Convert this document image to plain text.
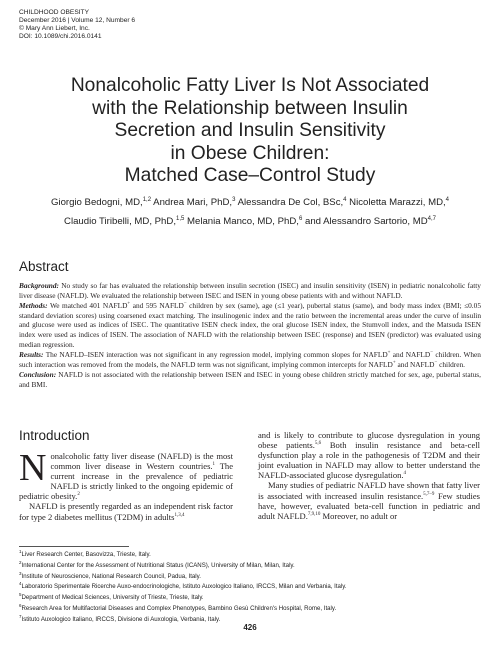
CHILDHOOD OBESITY
December 2016 | Volume 12, Number 6
© Mary Ann Liebert, Inc.
DOI: 10.1089/chi.2016.0141
Nonalcoholic Fatty Liver Is Not Associated
with the Relationship between Insulin
Secretion and Insulin Sensitivity
in Obese Children:
Matched Case–Control Study
Giorgio Bedogni, MD,$^{1,2}$ Andrea Mari, PhD,$^3$ Alessandra De Col, BSc,$^4$ Nicoletta Marazzi, MD,$^4$
Claudio Tiribelli, MD, PhD,$^{1,5}$ Melania Manco, MD, PhD,$^6$ and Alessandro Sartorio, MD$^{4,7}$
Abstract

Background: No study so far has evaluated the relationship between insulin secretion (ISEC) and insulin sensitivity (ISEN) in pediatric nonalcoholic fatty liver disease (NAFLD). We evaluated the relationship between ISEC and ISEN in young obese patients with and without NAFLD.

Methods: We matched 401 NAFLD+ and 595 NAFLD− children by sex (same), age (≤1 year), pubertal status (same), and body mass index (BMI; ≤0.05 standard deviation scores) using coarsened exact matching. The insulinogenic index and the ratio between the incremental areas under the curve of insulin and glucose were used as indices of ISEC. The quantitative ISEN check index, the oral glucose ISEN index, the Stumvoll index, and the Matsuda ISEN index were used as indices of ISEN. The association of NAFLD with the relationship between ISEC (response) and ISEN (predictor) was evaluated using median regression.

Results: The NAFLD–ISEN interaction was not significant in any regression model, implying common slopes for NAFLD+ and NAFLD− children. When such interaction was removed from the models, the NAFLD term was not significant, implying common intercepts for NAFLD+ and NAFLD− children.

Conclusion: NAFLD is not associated with the relationship between ISEN and ISEC in young obese children strictly matched for sex, age, pubertal status, and BMI.

Introduction

Nonalcoholic fatty liver disease (NAFLD) is the most common liver disease in Western countries.$^1$ The current increase in the prevalence of pediatric NAFLD is strictly linked to the ongoing epidemic of pediatric obesity.$^2$

NAFLD is presently regarded as an independent risk factor for type 2 diabetes mellitus (T2DM) in adults$^{1,3,4}$

and is likely to contribute to glucose dysregulation in young obese patients.$^{5,6}$ Both insulin resistance and beta-cell dysfunction play a role in the pathogenesis of T2DM and their joint evaluation in NAFLD may allow to better understand the NAFLD-associated glucose dysregulation.$^4$

Many studies of pediatric NAFLD have shown that fatty liver is associated with increased insulin resistance.$^{5,7-9}$ Few studies have, however, evaluated beta-cell function in pediatric and adult NAFLD.$^{7,9,10}$ Moreover, no adult or

$^1$Liver Research Center, Basovizza, Trieste, Italy.
$^2$International Center for the Assessment of Nutritional Status (ICANS), University of Milan, Milan, Italy.
$^3$Institute of Neuroscience, National Research Council, Padua, Italy.
$^4$Laboratorio Sperimentale Ricerche Auxo-endocrinologiche, Istituto Auxologico Italiano, IRCCS, Milan and Verbania, Italy.
$^5$Department of Medical Sciences, University of Trieste, Trieste, Italy.
$^6$Research Area for Multifactorial Diseases and Complex Phenotypes, Bambino Gesù Children's Hospital, Rome, Italy.
$^7$Istituto Auxologico Italiano, IRCCS, Divisione di Auxologia, Verbania, Italy.
426
